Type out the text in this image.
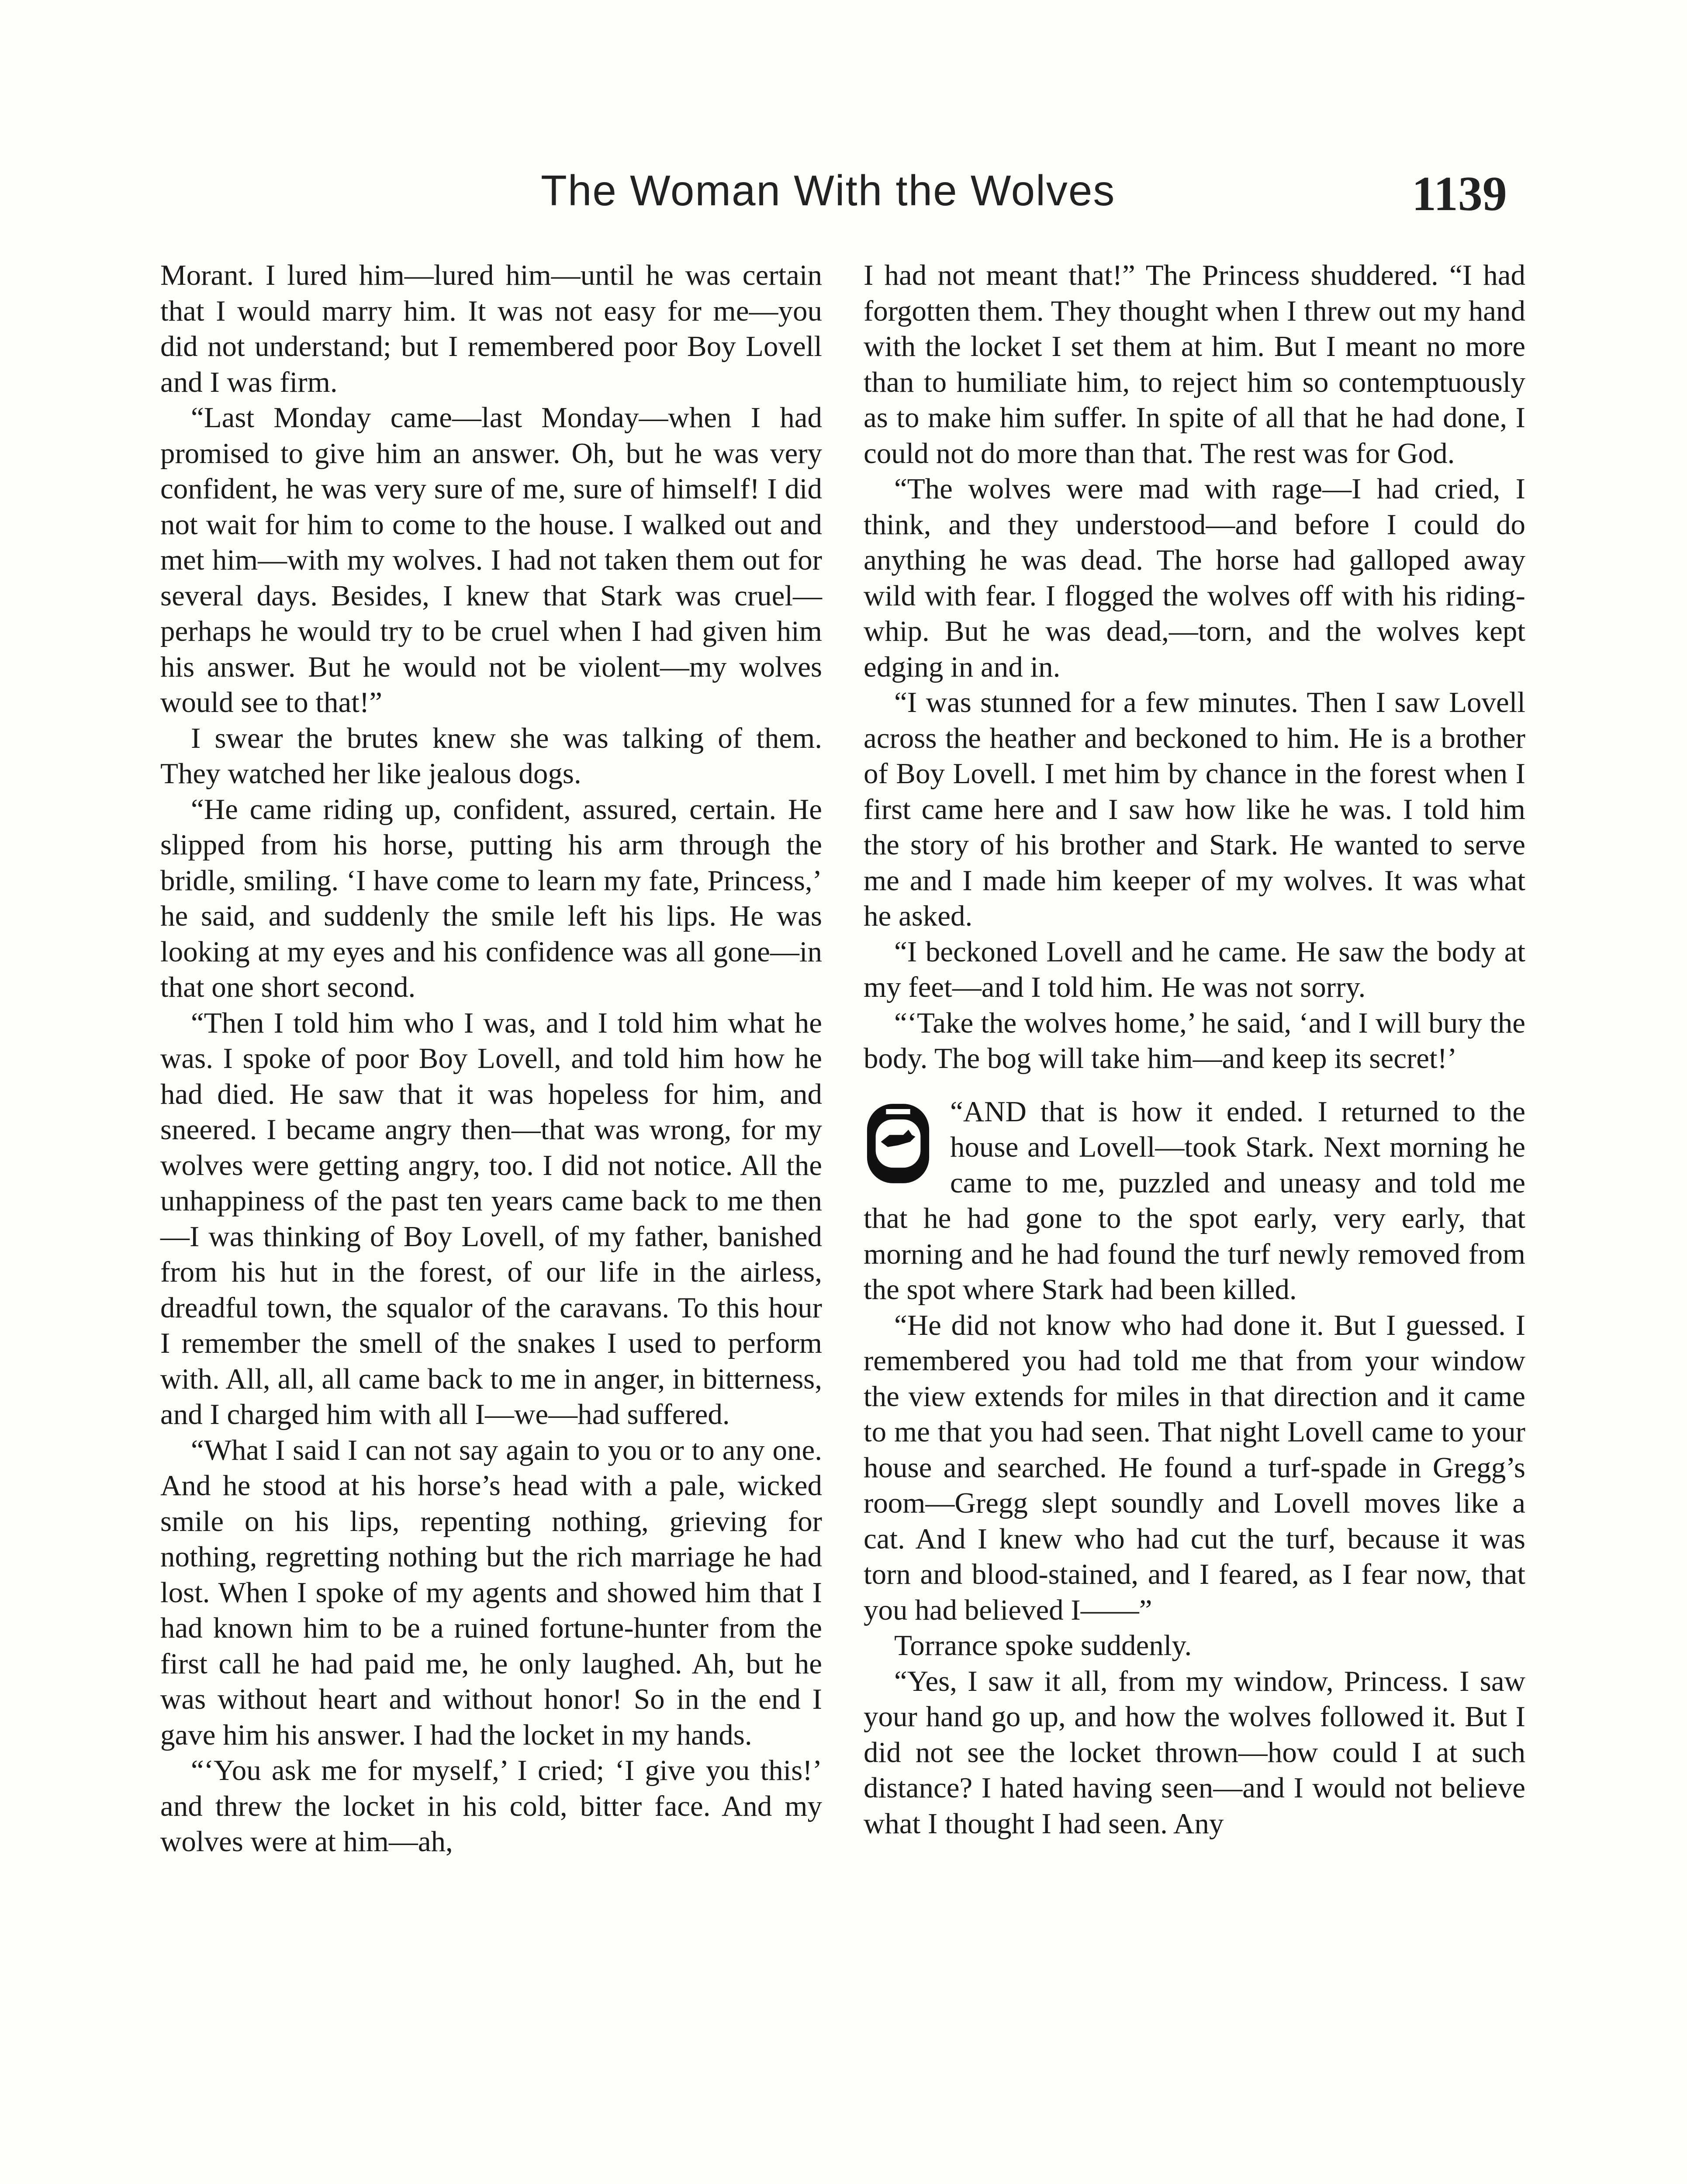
The Woman With the Wolves	1139

Morant. I lured him—lured him—until he was certain that I would marry him. It was not easy for me—you did not understand; but I remembered poor Boy Lovell and I was firm.

“Last Monday came—last Monday—when I had promised to give him an answer. Oh, but he was very confident, he was very sure of me, sure of himself! I did not wait for him to come to the house. I walked out and met him—with my wolves. I had not taken them out for several days. Besides, I knew that Stark was cruel—perhaps he would try to be cruel when I had given him his answer. But he would not be violent—my wolves would see to that!”

I swear the brutes knew she was talking of them. They watched her like jealous dogs.

“He came riding up, confident, assured, certain. He slipped from his horse, putting his arm through the bridle, smiling. ‘I have come to learn my fate, Princess,’ he said, and suddenly the smile left his lips. He was looking at my eyes and his confidence was all gone—in that one short second.

“Then I told him who I was, and I told him what he was. I spoke of poor Boy Lovell, and told him how he had died. He saw that it was hopeless for him, and sneered. I became angry then—that was wrong, for my wolves were getting angry, too. I did not notice. All the unhappiness of the past ten years came back to me then—I was thinking of Boy Lovell, of my father, banished from his hut in the forest, of our life in the airless, dreadful town, the squalor of the caravans. To this hour I remember the smell of the snakes I used to perform with. All, all, all came back to me in anger, in bitterness, and I charged him with all I—we—had suffered.

“What I said I can not say again to you or to any one. And he stood at his horse’s head with a pale, wicked smile on his lips, repenting nothing, grieving for nothing, regretting nothing but the rich marriage he had lost. When I spoke of my agents and showed him that I had known him to be a ruined fortune-hunter from the first call he had paid me, he only laughed. Ah, but he was without heart and without honor! So in the end I gave him his answer. I had the locket in my hands.

“‘You ask me for myself,’ I cried; ‘I give you this!’ and threw the locket in his cold, bitter face. And my wolves were at him—ah,

I had not meant that!” The Princess shuddered. “I had forgotten them. They thought when I threw out my hand with the locket I set them at him. But I meant no more than to humiliate him, to reject him so contemptuously as to make him suffer. In spite of all that he had done, I could not do more than that. The rest was for God.

“The wolves were mad with rage—I had cried, I think, and they understood—and before I could do anything he was dead. The horse had galloped away wild with fear. I flogged the wolves off with his riding-whip. But he was dead,—torn, and the wolves kept edging in and in.

“I was stunned for a few minutes. Then I saw Lovell across the heather and beckoned to him. He is a brother of Boy Lovell. I met him by chance in the forest when I first came here and I saw how like he was. I told him the story of his brother and Stark. He wanted to serve me and I made him keeper of my wolves. It was what he asked.

“I beckoned Lovell and he came. He saw the body at my feet—and I told him. He was not sorry.

“‘Take the wolves home,’ he said, ‘and I will bury the body. The bog will take him—and keep its secret!’

“AND that is how it ended. I returned to the house and Lovell—took Stark. Next morning he came to me, puzzled and uneasy and told me that he had gone to the spot early, very early, that morning and he had found the turf newly removed from the spot where Stark had been killed.

“He did not know who had done it. But I guessed. I remembered you had told me that from your window the view extends for miles in that direction and it came to me that you had seen. That night Lovell came to your house and searched. He found a turf-spade in Gregg’s room—Gregg slept soundly and Lovell moves like a cat. And I knew who had cut the turf, because it was torn and blood-stained, and I feared, as I fear now, that you had believed I——”

Torrance spoke suddenly.

“Yes, I saw it all, from my window, Princess. I saw your hand go up, and how the wolves followed it. But I did not see the locket thrown—how could I at such distance? I hated having seen—and I would not believe what I thought I had seen. Any
